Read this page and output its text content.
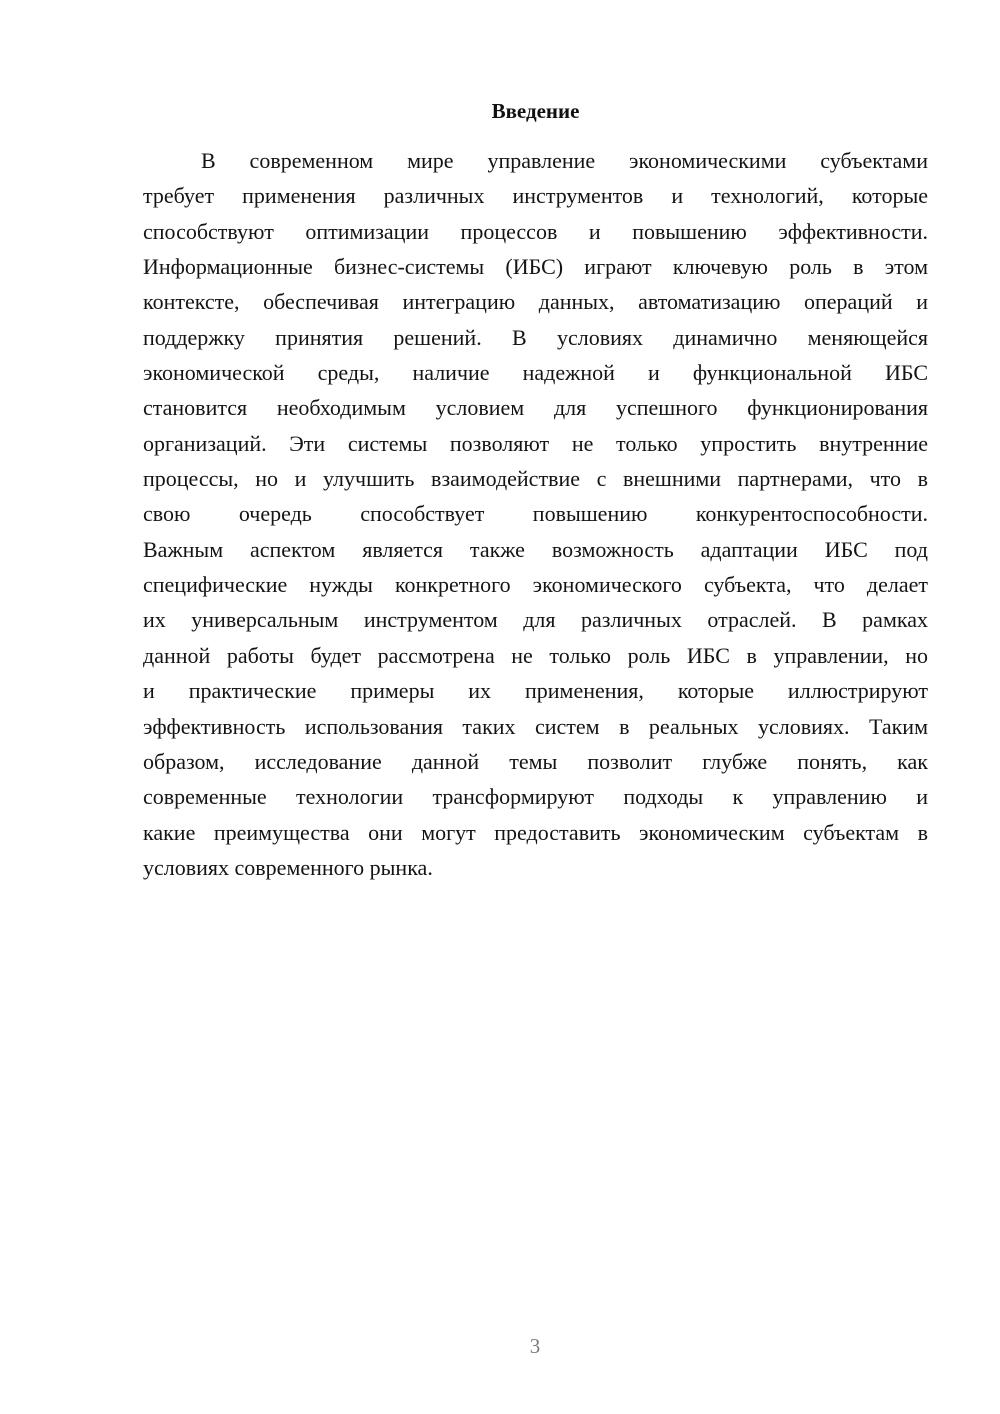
Введение
В современном мире управление экономическими субъектами
требует применения различных инструментов и технологий, которые
способствуют оптимизации процессов и повышению эффективности.
Информационные бизнес-системы (ИБС) играют ключевую роль в этом
контексте, обеспечивая интеграцию данных, автоматизацию операций и
поддержку принятия решений. В условиях динамично меняющейся
экономической среды, наличие надежной и функциональной ИБС
становится необходимым условием для успешного функционирования
организаций. Эти системы позволяют не только упростить внутренние
процессы, но и улучшить взаимодействие с внешними партнерами, что в
свою очередь способствует повышению конкурентоспособности.
Важным аспектом является также возможность адаптации ИБС под
специфические нужды конкретного экономического субъекта, что делает
их универсальным инструментом для различных отраслей. В рамках
данной работы будет рассмотрена не только роль ИБС в управлении, но
и практические примеры их применения, которые иллюстрируют
эффективность использования таких систем в реальных условиях. Таким
образом, исследование данной темы позволит глубже понять, как
современные технологии трансформируют подходы к управлению и
какие преимущества они могут предоставить экономическим субъектам в
условиях современного рынка.
3
